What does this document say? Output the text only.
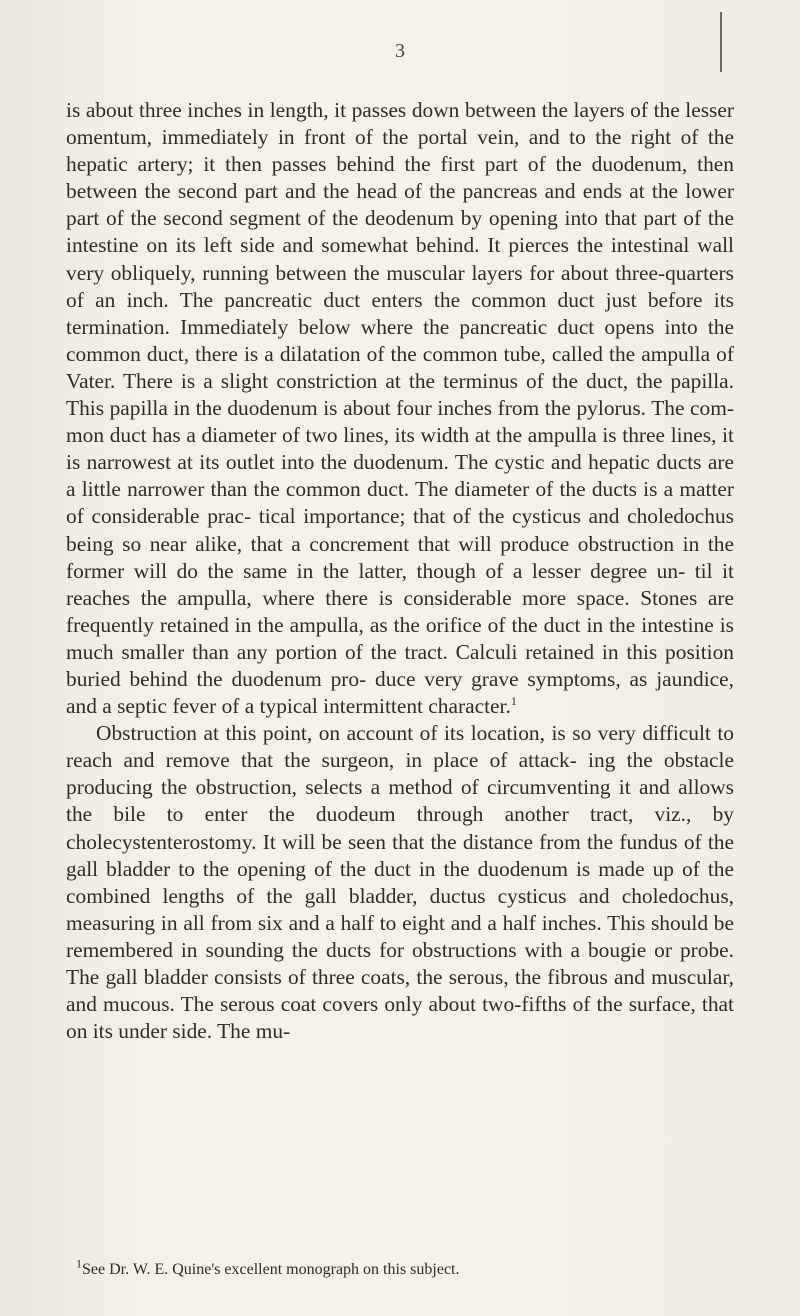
3

is about three inches in length, it passes down between the layers of the lesser omentum, immediately in front of the portal vein, and to the right of the hepatic artery; it then passes behind the first part of the duodenum, then between the second part and the head of the pancreas and ends at the lower part of the second segment of the deodenum by opening into that part of the intestine on its left side and somewhat behind. It pierces the intestinal wall very obliquely, running between the muscular layers for about three-quarters of an inch. The pancreatic duct enters the common duct just before its termination. Immediately below where the pancreatic duct opens into the common duct, there is a dilatation of the common tube, called the ampulla of Vater. There is a slight constriction at the terminus of the duct, the papilla. This papilla in the duodenum is about four inches from the pylorus. The com- mon duct has a diameter of two lines, its width at the ampulla is three lines, it is narrowest at its outlet into the duodenum. The cystic and hepatic ducts are a little narrower than the common duct. The diameter of the ducts is a matter of considerable prac- tical importance; that of the cysticus and choledochus being so near alike, that a concrement that will produce obstruction in the former will do the same in the latter, though of a lesser degree un- til it reaches the ampulla, where there is considerable more space. Stones are frequently retained in the ampulla, as the orifice of the duct in the intestine is much smaller than any portion of the tract. Calculi retained in this position buried behind the duodenum pro- duce very grave symptoms, as jaundice, and a septic fever of a typical intermittent character.$^1$

Obstruction at this point, on account of its location, is so very difficult to reach and remove that the surgeon, in place of attack- ing the obstacle producing the obstruction, selects a method of circumventing it and allows the bile to enter the duodeum through another tract, viz., by cholecystenterostomy. It will be seen that the distance from the fundus of the gall bladder to the opening of the duct in the duodenum is made up of the combined lengths of the gall bladder, ductus cysticus and choledochus, measuring in all from six and a half to eight and a half inches. This should be remembered in sounding the ducts for obstructions with a bougie or probe. The gall bladder consists of three coats, the serous, the fibrous and muscular, and mucous. The serous coat covers only about two-fifths of the surface, that on its under side. The mu-

$^1$See Dr. W. E. Quine's excellent monograph on this subject.
